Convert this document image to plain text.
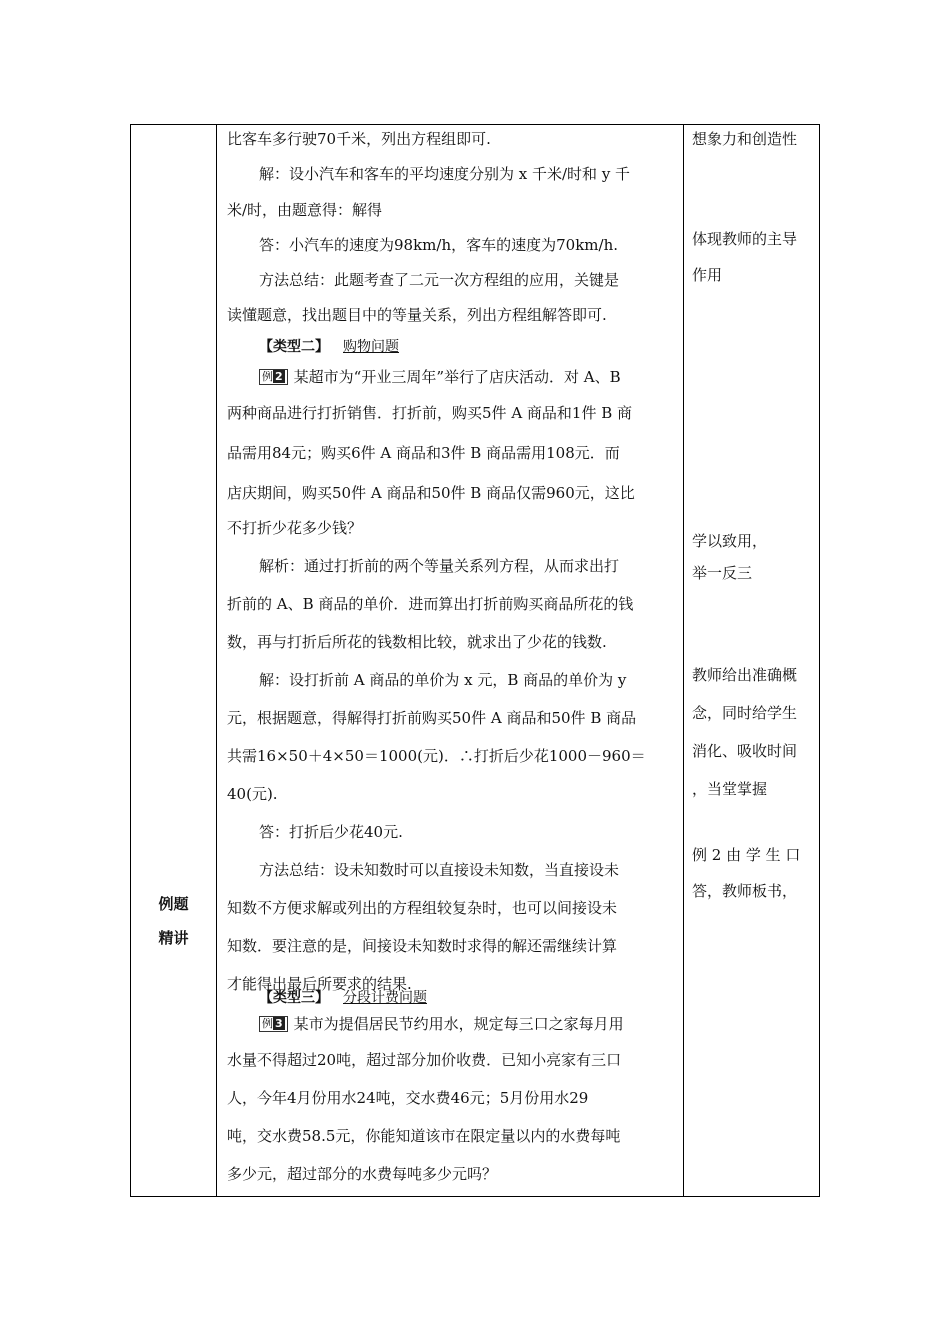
例题
精讲
比客车多行驶70千米，列出方程组即可.
解：设小汽车和客车的平均速度分别为 x 千米/时和 y 千
米/时，由题意得：解得
答：小汽车的速度为98km/h，客车的速度为70km/h.
方法总结：此题考查了二元一次方程组的应用，关键是
读懂题意，找出题目中的等量关系，列出方程组解答即可.
【类型二】 购物问题
例 2 某超市为“开业三周年”举行了店庆活动．对 A、B
两种商品进行打折销售．打折前，购买5件 A 商品和1件 B 商
品需用84元；购买6件 A 商品和3件 B 商品需用108元．而
店庆期间，购买50件 A 商品和50件 B 商品仅需960元，这比
不打折少花多少钱？
解析：通过打折前的两个等量关系列方程，从而求出打
折前的 A、B 商品的单价．进而算出打折前购买商品所花的钱
数，再与打折后所花的钱数相比较，就求出了少花的钱数.
解：设打折前 A 商品的单价为 x 元，B 商品的单价为 y
元，根据题意，得解得打折前购买50件 A 商品和50件 B 商品
共需16×50＋4×50＝1000(元)．∴打折后少花1000－960＝
40(元).
答：打折后少花40元.
方法总结：设未知数时可以直接设未知数，当直接设未
知数不方便求解或列出的方程组较复杂时，也可以间接设未
知数．要注意的是，间接设未知数时求得的解还需继续计算
才能得出最后所要求的结果.
【类型三】 分段计费问题
例 3 某市为提倡居民节约用水，规定每三口之家每月用
水量不得超过20吨，超过部分加价收费．已知小亮家有三口
人，今年4月份用水24吨，交水费46元；5月份用水29
吨，交水费58.5元，你能知道该市在限定量以内的水费每吨
多少元，超过部分的水费每吨多少元吗？
想象力和创造性
体现教师的主导
作用
学以致用，
举一反三
教师给出准确概
念，同时给学生
消化、吸收时间
，当堂掌握
例 2 由 学 生 口
答，教师板书，
